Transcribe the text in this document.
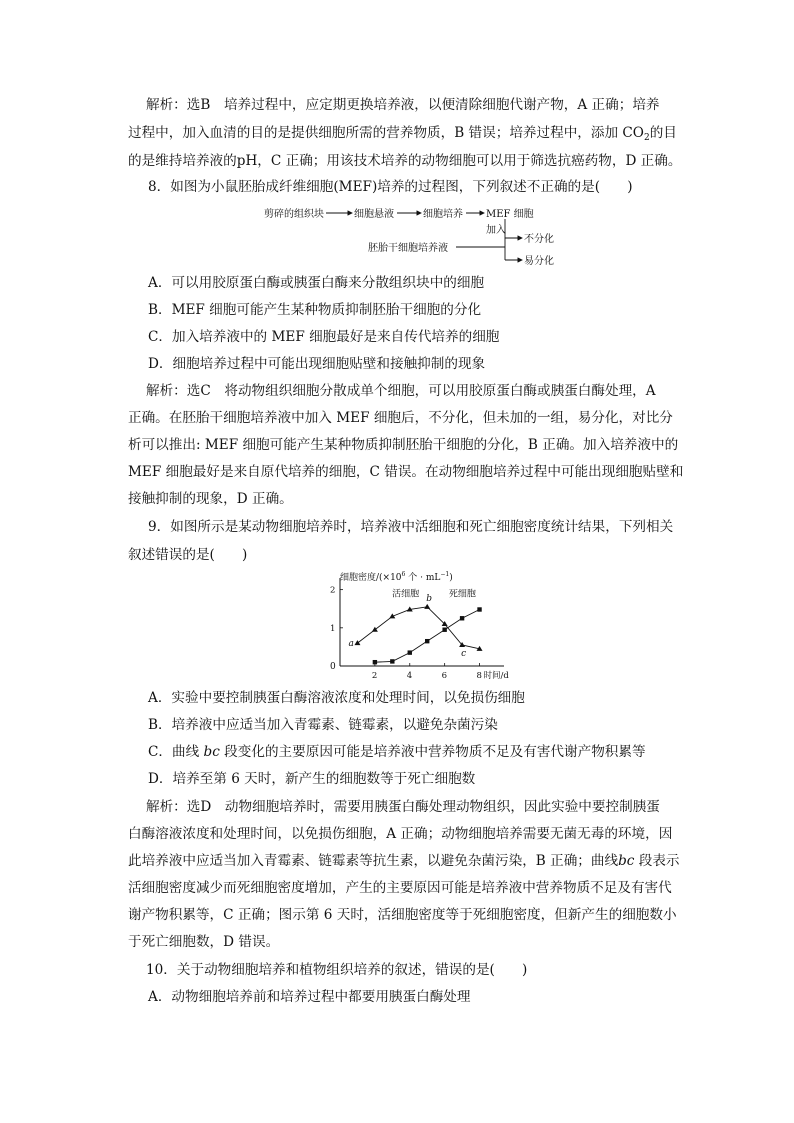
解析：选B　培养过程中，应定期更换培养液，以便清除细胞代谢产物，A 正确；培养
过程中，加入血清的目的是提供细胞所需的营养物质，B 错误；培养过程中，添加 $CO_2$的目
的是维持培养液的pH，C 正确；用该技术培养的动物细胞可以用于筛选抗癌药物，D 正确。
8．如图为小鼠胚胎成纤维细胞(MEF)培养的过程图，下列叙述不正确的是(　　)
剪碎的组织块	细胞悬液	细胞培养 MEF 细胞
加入
不分化
胚胎干细胞培养液
易分化
A．可以用胶原蛋白酶或胰蛋白酶来分散组织块中的细胞
B．MEF 细胞可能产生某种物质抑制胚胎干细胞的分化
C．加入培养液中的 MEF 细胞最好是来自传代培养的细胞
D．细胞培养过程中可能出现细胞贴壁和接触抑制的现象
解析：选C　将动物组织细胞分散成单个细胞，可以用胶原蛋白酶或胰蛋白酶处理，A
正确。在胚胎干细胞培养液中加入 MEF 细胞后，不分化，但未加的一组，易分化，对比分
析可以推出: MEF 细胞可能产生某种物质抑制胚胎干细胞的分化，B 正确。加入培养液中的
MEF 细胞最好是来自原代培养的细胞，C 错误。在动物细胞培养过程中可能出现细胞贴壁和
接触抑制的现象，D 正确。
9．如图所示是某动物细胞培养时，培养液中活细胞和死亡细胞密度统计结果，下列相关
叙述错误的是(　　)
细胞密度$/(\times 10^6$ 个 · $mL^{-1}$)
0
2	4	6	8
1
2
时间/d
活细胞	死细胞
a
b
c
A．实验中要控制胰蛋白酶溶液浓度和处理时间，以免损伤细胞
B．培养液中应适当加入青霉素、链霉素，以避免杂菌污染
C．曲线 bc 段变化的主要原因可能是培养液中营养物质不足及有害代谢产物积累等
D．培养至第 6 天时，新产生的细胞数等于死亡细胞数
解析：选D　动物细胞培养时，需要用胰蛋白酶处理动物组织，因此实验中要控制胰蛋
白酶溶液浓度和处理时间，以免损伤细胞，A 正确；动物细胞培养需要无菌无毒的环境，因
此培养液中应适当加入青霉素、链霉素等抗生素，以避免杂菌污染，B 正确；曲线bc 段表示
活细胞密度减少而死细胞密度增加，产生的主要原因可能是培养液中营养物质不足及有害代
谢产物积累等，C 正确；图示第 6 天时，活细胞密度等于死细胞密度，但新产生的细胞数小
于死亡细胞数，D 错误。
10．关于动物细胞培养和植物组织培养的叙述，错误的是(　　)
A．动物细胞培养前和培养过程中都要用胰蛋白酶处理
